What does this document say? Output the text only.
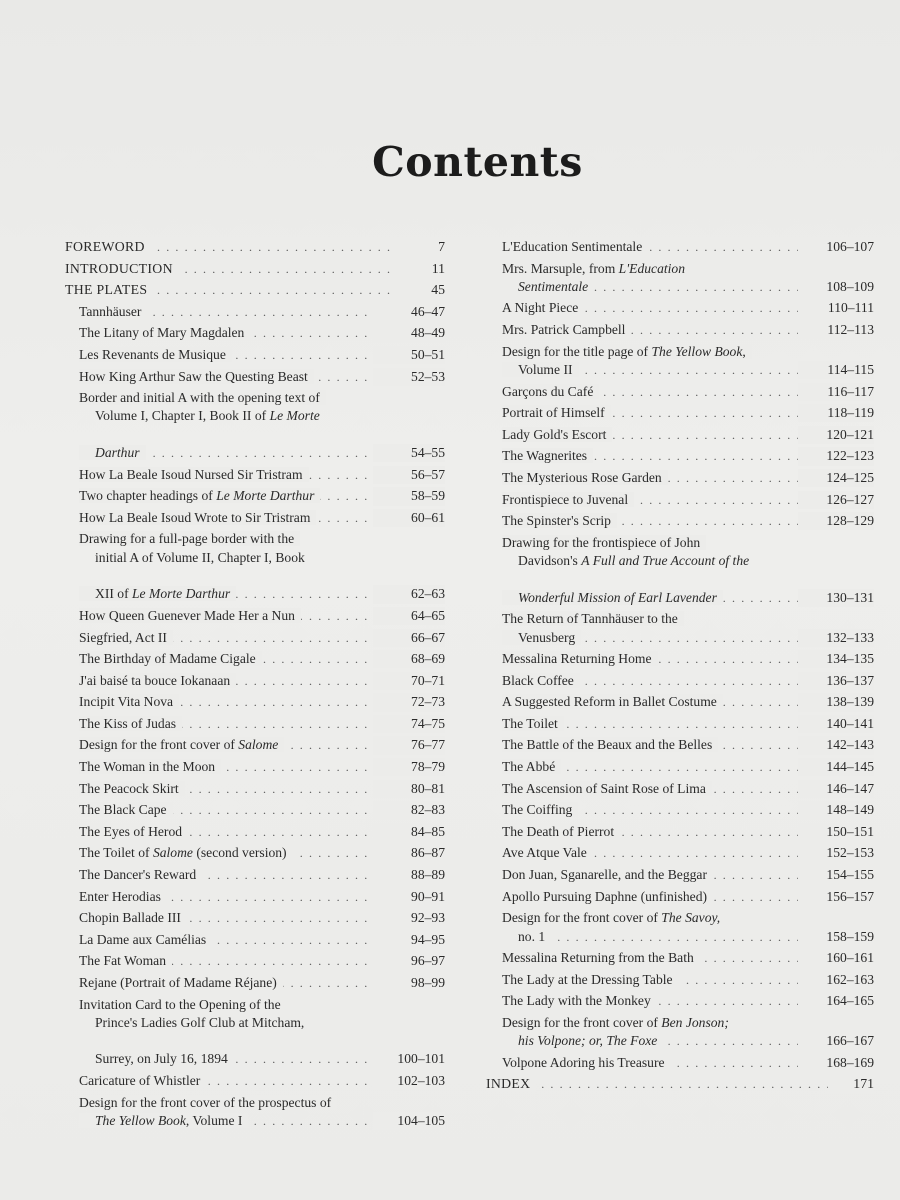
Contents
FOREWORD . . .	7
INTRODUCTION . . .	11
THE PLATES . . .	45
Tannhäuser . . .	46–47
The Litany of Mary Magdalen . . .	48–49
Les Revenants de Musique . . .	50–51
How King Arthur Saw the Questing Beast . . .	52–53
Border and initial A with the opening text of
Volume I, Chapter I, Book II of Le Morte

Darthur . . .	54–55
How La Beale Isoud Nursed Sir Tristram . . .	56–57
Two chapter headings of Le Morte Darthur . . .	58–59
How La Beale Isoud Wrote to Sir Tristram . . .	60–61
Drawing for a full-page border with the
initial A of Volume II, Chapter I, Book

XII of Le Morte Darthur . . .	62–63
How Queen Guenever Made Her a Nun . . .	64–65
Siegfried, Act II . . .	66–67
The Birthday of Madame Cigale . . .	68–69
J'ai baisé ta bouce Iokanaan . . .	70–71
Incipit Vita Nova . . .	72–73
The Kiss of Judas . . .	74–75
Design for the front cover of Salome . . .	76–77
The Woman in the Moon . . .	78–79
The Peacock Skirt . . .	80–81
The Black Cape . . .	82–83
The Eyes of Herod . . .	84–85
The Toilet of Salome (second version) . . .	86–87
The Dancer's Reward . . .	88–89
Enter Herodias . . .	90–91
Chopin Ballade III . . .	92–93
La Dame aux Camélias . . .	94–95
The Fat Woman . . .	96–97
Rejane (Portrait of Madame Réjane) . . .	98–99
Invitation Card to the Opening of the
Prince's Ladies Golf Club at Mitcham,

Surrey, on July 16, 1894 . . .	100–101
Caricature of Whistler . . .	102–103
Design for the front cover of the prospectus of
The Yellow Book, Volume I . . .	104–105
L'Education Sentimentale . . .	106–107
Mrs. Marsuple, from L'Education
Sentimentale . . .	108–109
A Night Piece . . .	110–111
Mrs. Patrick Campbell . . .	112–113
Design for the title page of The Yellow Book,
Volume II . . .	114–115
Garçons du Café . . .	116–117
Portrait of Himself . . .	118–119
Lady Gold's Escort . . .	120–121
The Wagnerites . . .	122–123
The Mysterious Rose Garden . . .	124–125
Frontispiece to Juvenal . . .	126–127
The Spinster's Scrip . . .	128–129
Drawing for the frontispiece of John
Davidson's A Full and True Account of the

Wonderful Mission of Earl Lavender . . .	130–131
The Return of Tannhäuser to the
Venusberg . . .	132–133
Messalina Returning Home . . .	134–135
Black Coffee . . .	136–137
A Suggested Reform in Ballet Costume . . .	138–139
The Toilet . . .	140–141
The Battle of the Beaux and the Belles . . .	142–143
The Abbé . . .	144–145
The Ascension of Saint Rose of Lima . . .	146–147
The Coiffing . . .	148–149
The Death of Pierrot . . .	150–151
Ave Atque Vale . . .	152–153
Don Juan, Sganarelle, and the Beggar . . .	154–155
Apollo Pursuing Daphne (unfinished) . . .	156–157
Design for the front cover of The Savoy,
no. 1 . . .	158–159
Messalina Returning from the Bath . . .	160–161
The Lady at the Dressing Table . . .	162–163
The Lady with the Monkey . . .	164–165
Design for the front cover of Ben Jonson;
his Volpone; or, The Foxe . . .	166–167
Volpone Adoring his Treasure . . .	168–169
INDEX . . .	171
